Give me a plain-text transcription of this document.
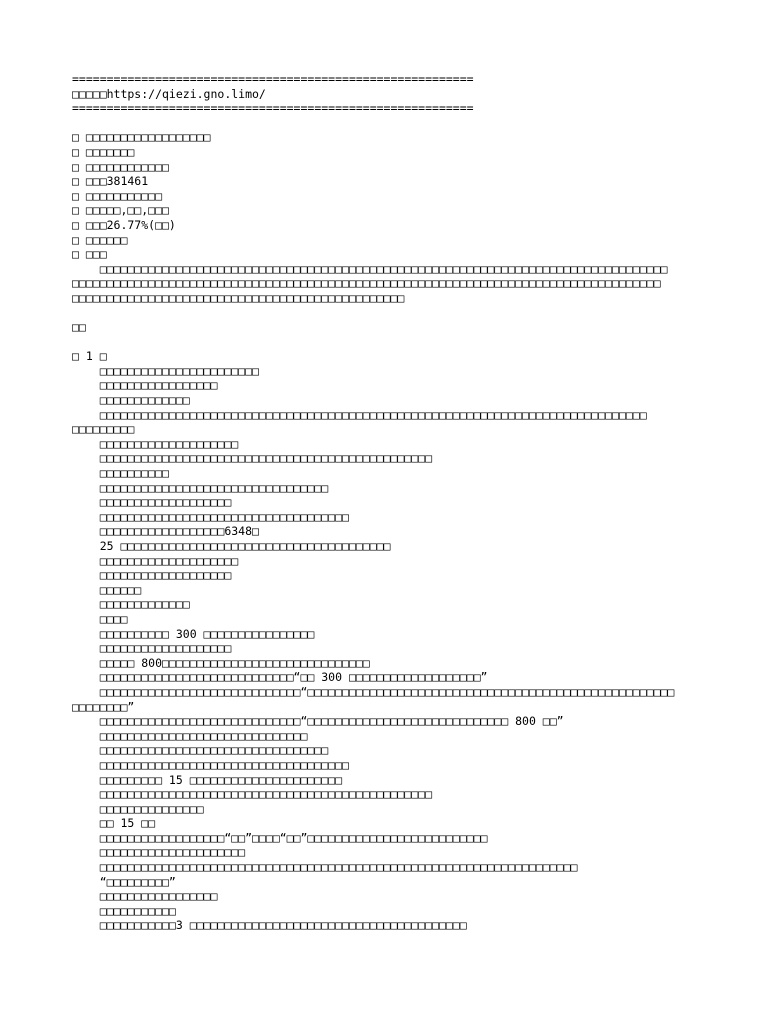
==========================================================
□□□□□https://qiezi.gno.limo/
==========================================================
□ □□□□□□□□□□□□□□□□□□
□ □□□□□□□
□ □□□□□□□□□□□□
□ □□□381461
□ □□□□□□□□□□□
□ □□□□□,□□,□□□
□ □□□26.77%(□□)
□ □□□□□□
□ □□□
□□□□□□□□□□□□□□□□□□□□□□□□□□□□□□□□□□□□□□□□□□□□□□□□□□□□□□□□□□□□□□□□□□□□□□□□□□□□□□□□□□
□□□□□□□□□□□□□□□□□□□□□□□□□□□□□□□□□□□□□□□□□□□□□□□□□□□□□□□□□□□□□□□□□□□□□□□□□□□□□□□□□□□□□
□□□□□□□□□□□□□□□□□□□□□□□□□□□□□□□□□□□□□□□□□□□□□□□□
□□
□ 1 □
□□□□□□□□□□□□□□□□□□□□□□□
□□□□□□□□□□□□□□□□□
□□□□□□□□□□□□□
□□□□□□□□□□□□□□□□□□□□□□□□□□□□□□□□□□□□□□□□□□□□□□□□□□□□□□□□□□□□□□□□□□□□□□□□□□□□□□□
□□□□□□□□□
□□□□□□□□□□□□□□□□□□□□
□□□□□□□□□□□□□□□□□□□□□□□□□□□□□□□□□□□□□□□□□□□□□□□□
□□□□□□□□□□
□□□□□□□□□□□□□□□□□□□□□□□□□□□□□□□□□
□□□□□□□□□□□□□□□□□□□
□□□□□□□□□□□□□□□□□□□□□□□□□□□□□□□□□□□□
□□□□□□□□□□□□□□□□□□6348□
25 □□□□□□□□□□□□□□□□□□□□□□□□□□□□□□□□□□□□□□□
□□□□□□□□□□□□□□□□□□□□
□□□□□□□□□□□□□□□□□□□
□□□□□□
□□□□□□□□□□□□□
□□□□
□□□□□□□□□□ 300 □□□□□□□□□□□□□□□□
□□□□□□□□□□□□□□□□□□□
□□□□□ 800□□□□□□□□□□□□□□□□□□□□□□□□□□□□□□
□□□□□□□□□□□□□□□□□□□□□□□□□□□□“□□ 300 □□□□□□□□□□□□□□□□□□□”
□□□□□□□□□□□□□□□□□□□□□□□□□□□□□“□□□□□□□□□□□□□□□□□□□□□□□□□□□□□□□□□□□□□□□□□□□□□□□□□□□□□
□□□□□□□□”
□□□□□□□□□□□□□□□□□□□□□□□□□□□□□“□□□□□□□□□□□□□□□□□□□□□□□□□□□□□ 800 □□”
□□□□□□□□□□□□□□□□□□□□□□□□□□□□□□
□□□□□□□□□□□□□□□□□□□□□□□□□□□□□□□□□
□□□□□□□□□□□□□□□□□□□□□□□□□□□□□□□□□□□□
□□□□□□□□□ 15 □□□□□□□□□□□□□□□□□□□□□□
□□□□□□□□□□□□□□□□□□□□□□□□□□□□□□□□□□□□□□□□□□□□□□□□
□□□□□□□□□□□□□□□
□□ 15 □□
□□□□□□□□□□□□□□□□□□“□□”□□□□“□□”□□□□□□□□□□□□□□□□□□□□□□□□□□
□□□□□□□□□□□□□□□□□□□□□
□□□□□□□□□□□□□□□□□□□□□□□□□□□□□□□□□□□□□□□□□□□□□□□□□□□□□□□□□□□□□□□□□□□□□
“□□□□□□□□□”
□□□□□□□□□□□□□□□□□
□□□□□□□□□□□
□□□□□□□□□□□3 □□□□□□□□□□□□□□□□□□□□□□□□□□□□□□□□□□□□□□□□
